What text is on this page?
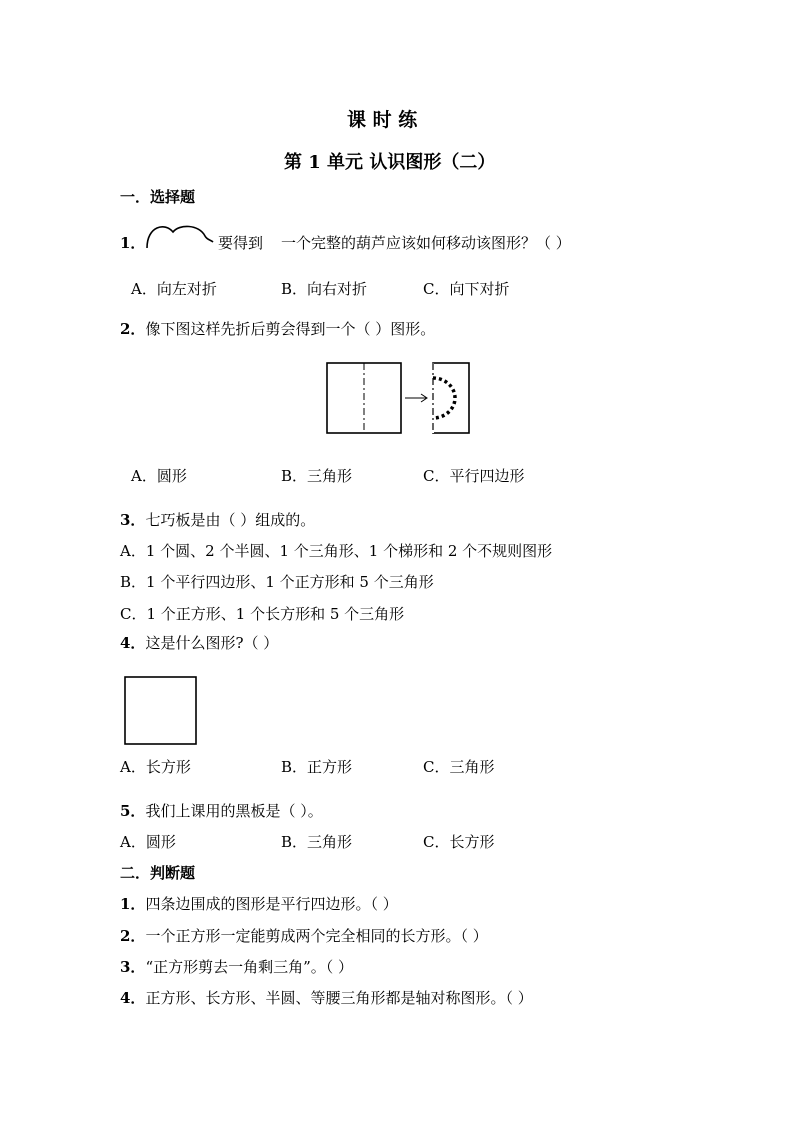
课 时 练
第 1 单元 认识图形（二）
一．选择题
1．	要得到 一个完整的葫芦应该如何移动该图形？（ ）
A．向左对折	B．向右对折	C．向下对折
2．像下图这样先折后剪会得到一个（ ）图形。
A．圆形	B．三角形	C．平行四边形
3．七巧板是由（ ）组成的。
A．1 个圆、2 个半圆、1 个三角形、1 个梯形和 2 个不规则图形
B．1 个平行四边形、1 个正方形和 5 个三角形
C．1 个正方形、1 个长方形和 5 个三角形
4．这是什么图形?（ ）
A．长方形	B．正方形	C．三角形
5．我们上课用的黑板是（ ）。
A．圆形	B．三角形	C．长方形
二．判断题
1．四条边围成的图形是平行四边形。（ ）
2．一个正方形一定能剪成两个完全相同的长方形。（ ）
3．“正方形剪去一角剩三角”。（ ）
4．正方形、长方形、半圆、等腰三角形都是轴对称图形。（ ）
